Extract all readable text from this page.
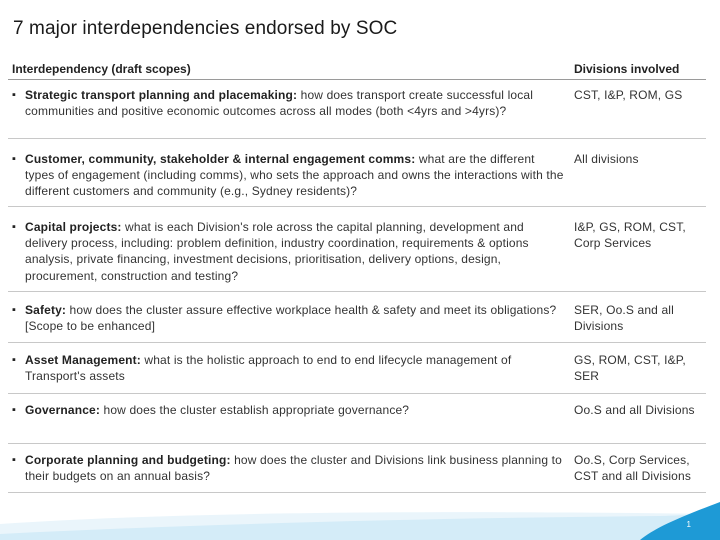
7 major interdependencies endorsed by SOC
Interdependency (draft scopes)	Divisions involved
▪ Strategic transport planning and placemaking: how does transport create successful local communities and positive economic outcomes across all modes (both <4yrs and >4yrs)?
CST, I&P, ROM, GS
▪ Customer, community, stakeholder & internal engagement comms: what are the different types of engagement (including comms), who sets the approach and owns the interactions with the different customers and community (e.g., Sydney residents)?
All divisions
▪ Capital projects: what is each Division's role across the capital planning, development and delivery process, including: problem definition, industry coordination, requirements & options analysis, private financing, investment decisions, prioritisation, delivery options, design, procurement, construction and testing?
I&P, GS, ROM, CST, Corp Services
▪ Safety: how does the cluster assure effective workplace health & safety and meet its obligations? [Scope to be enhanced]
SER, Oo.S and all Divisions
▪ Asset Management: what is the holistic approach to end to end lifecycle management of Transport's assets
GS, ROM, CST, I&P, SER
▪ Governance: how does the cluster establish appropriate governance?	Oo.S and all Divisions
▪ Corporate planning and budgeting: how does the cluster and Divisions link business planning to their budgets on an annual basis?
Oo.S, Corp Services, CST and all Divisions
1
